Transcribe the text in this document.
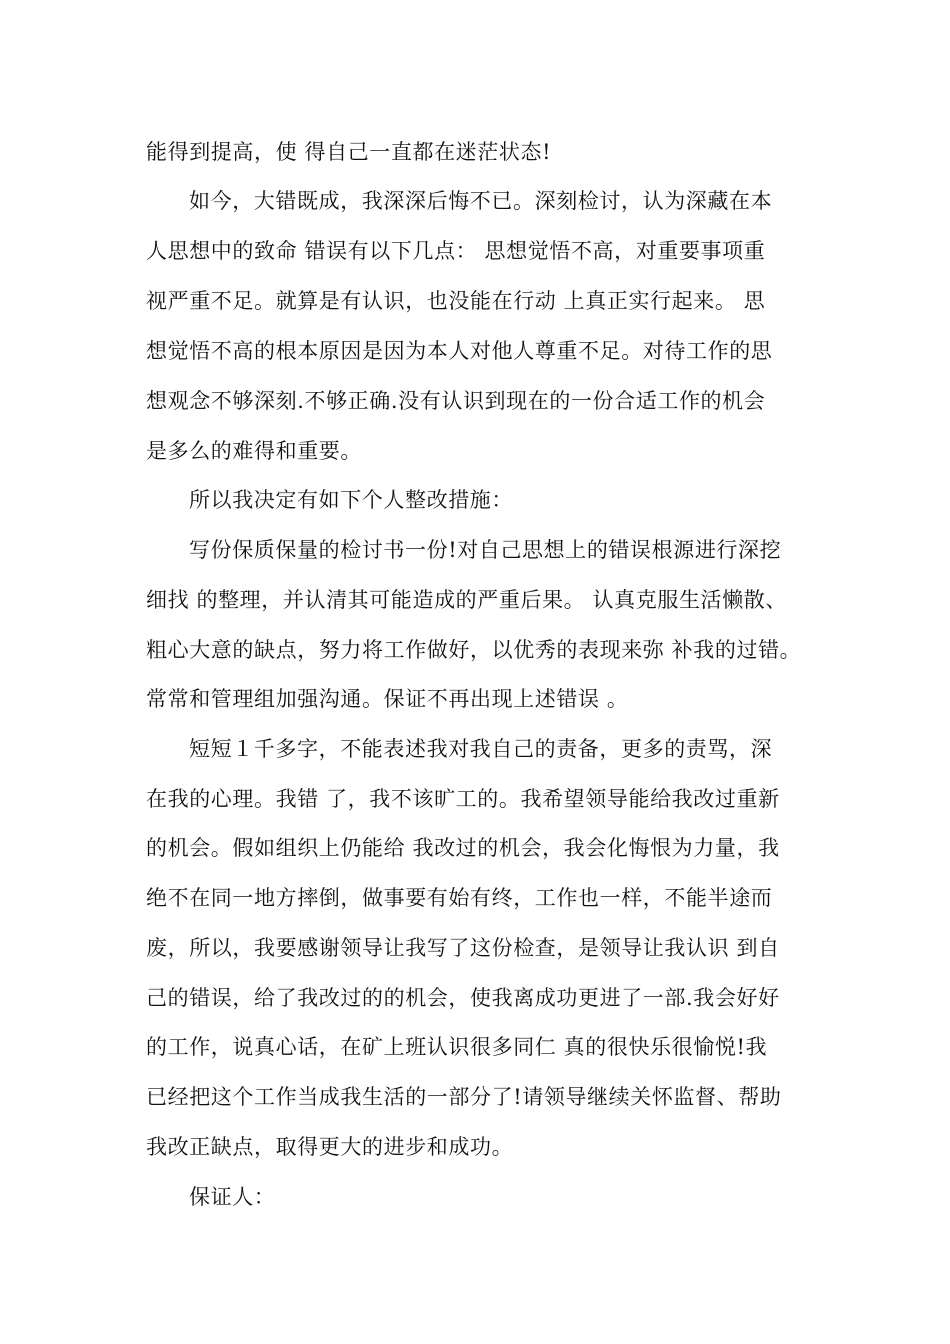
能得到提高，使 得自己一直都在迷茫状态!
如今，大错既成，我深深后悔不已。深刻检讨，认为深藏在本
人思想中的致命 错误有以下几点： 思想觉悟不高，对重要事项重
视严重不足。就算是有认识，也没能在行动 上真正实行起来。 思
想觉悟不高的根本原因是因为本人对他人尊重不足。对待工作的思
想观念不够深刻.不够正确.没有认识到现在的一份合适工作的机会
是多么的难得和重要。
所以我决定有如下个人整改措施：
写份保质保量的检讨书一份!对自己思想上的错误根源进行深挖
细找 的整理，并认清其可能造成的严重后果。 认真克服生活懒散、
粗心大意的缺点，努力将工作做好，以优秀的表现来弥 补我的过错。
常常和管理组加强沟通。保证不再出现上述错误 。
短短１千多字，不能表述我对我自己的责备，更多的责骂，深
在我的心理。我错 了，我不该旷工的。我希望领导能给我改过重新
的机会。假如组织上仍能给 我改过的机会，我会化悔恨为力量，我
绝不在同一地方摔倒，做事要有始有终，工作也一样，不能半途而
废，所以，我要感谢领导让我写了这份检查，是领导让我认识 到自
己的错误，给了我改过的的机会，使我离成功更进了一部.我会好好
的工作，说真心话，在矿上班认识很多同仁 真的很快乐很愉悦!我
已经把这个工作当成我生活的一部分了!请领导继续关怀监督、帮助
我改正缺点，取得更大的进步和成功。
保证人：
